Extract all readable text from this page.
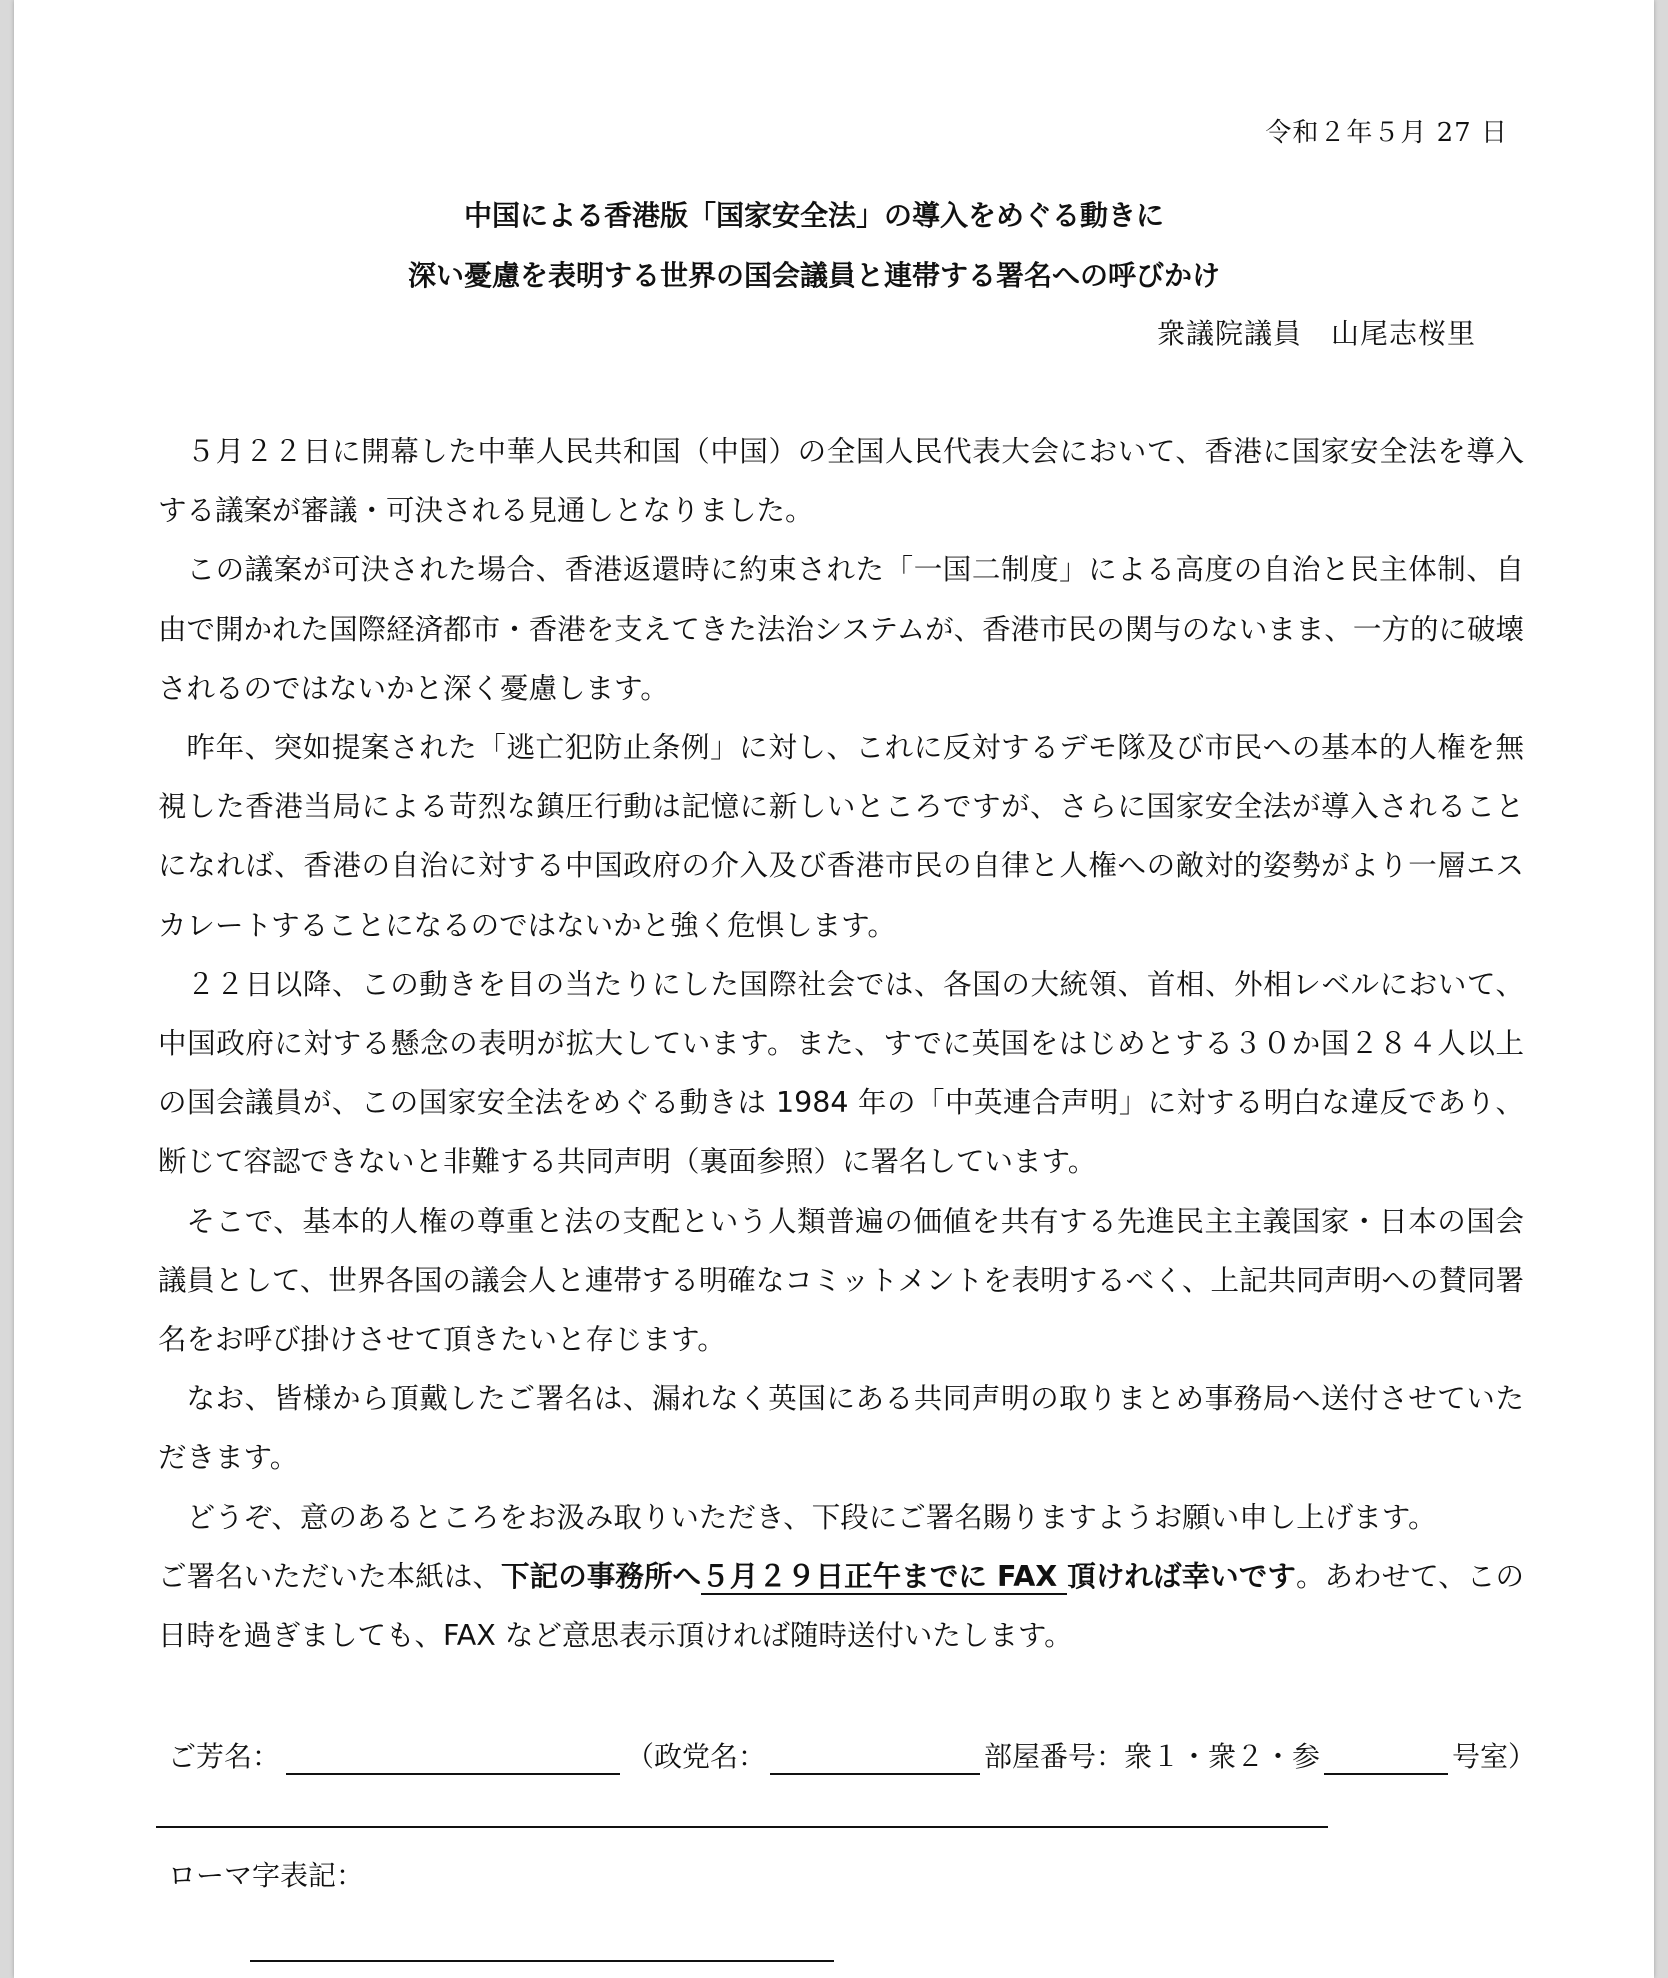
令和２年５月 27 日
中国による香港版「国家安全法」の導入をめぐる動きに
深い憂慮を表明する世界の国会議員と連帯する署名への呼びかけ
衆議院議員　山尾志桜里

５月２２日に開幕した中華人民共和国（中国）の全国人民代表大会において、香港に国家安全法を導入する議案が審議・可決される見通しとなりました。

この議案が可決された場合、香港返還時に約束された「一国二制度」による高度の自治と民主体制、自由で開かれた国際経済都市・香港を支えてきた法治システムが、香港市民の関与のないまま、一方的に破壊されるのではないかと深く憂慮します。

昨年、突如提案された「逃亡犯防止条例」に対し、これに反対するデモ隊及び市民への基本的人権を無視した香港当局による苛烈な鎮圧行動は記憶に新しいところですが、さらに国家安全法が導入されることになれば、香港の自治に対する中国政府の介入及び香港市民の自律と人権への敵対的姿勢がより一層エスカレートすることになるのではないかと強く危惧します。

２２日以降、この動きを目の当たりにした国際社会では、各国の大統領、首相、外相レベルにおいて、中国政府に対する懸念の表明が拡大しています。また、すでに英国をはじめとする３０か国２８４人以上の国会議員が、この国家安全法をめぐる動きは 1984 年の「中英連合声明」に対する明白な違反であり、断じて容認できないと非難する共同声明（裏面参照）に署名しています。

そこで、基本的人権の尊重と法の支配という人類普遍の価値を共有する先進民主主義国家・日本の国会議員として、世界各国の議会人と連帯する明確なコミットメントを表明するべく、上記共同声明への賛同署名をお呼び掛けさせて頂きたいと存じます。

なお、皆様から頂戴したご署名は、漏れなく英国にある共同声明の取りまとめ事務局へ送付させていただきます。

どうぞ、意のあるところをお汲み取りいただき、下段にご署名賜りますようお願い申し上げます。

ご署名いただいた本紙は、下記の事務所へ５月２９日正午までに FAX 頂ければ幸いです。あわせて、この日時を過ぎましても、FAX など意思表示頂ければ随時送付いたします。

ご芳名：	（政党名：	部屋番号：衆１・衆２・参	号室）
ローマ字表記：
